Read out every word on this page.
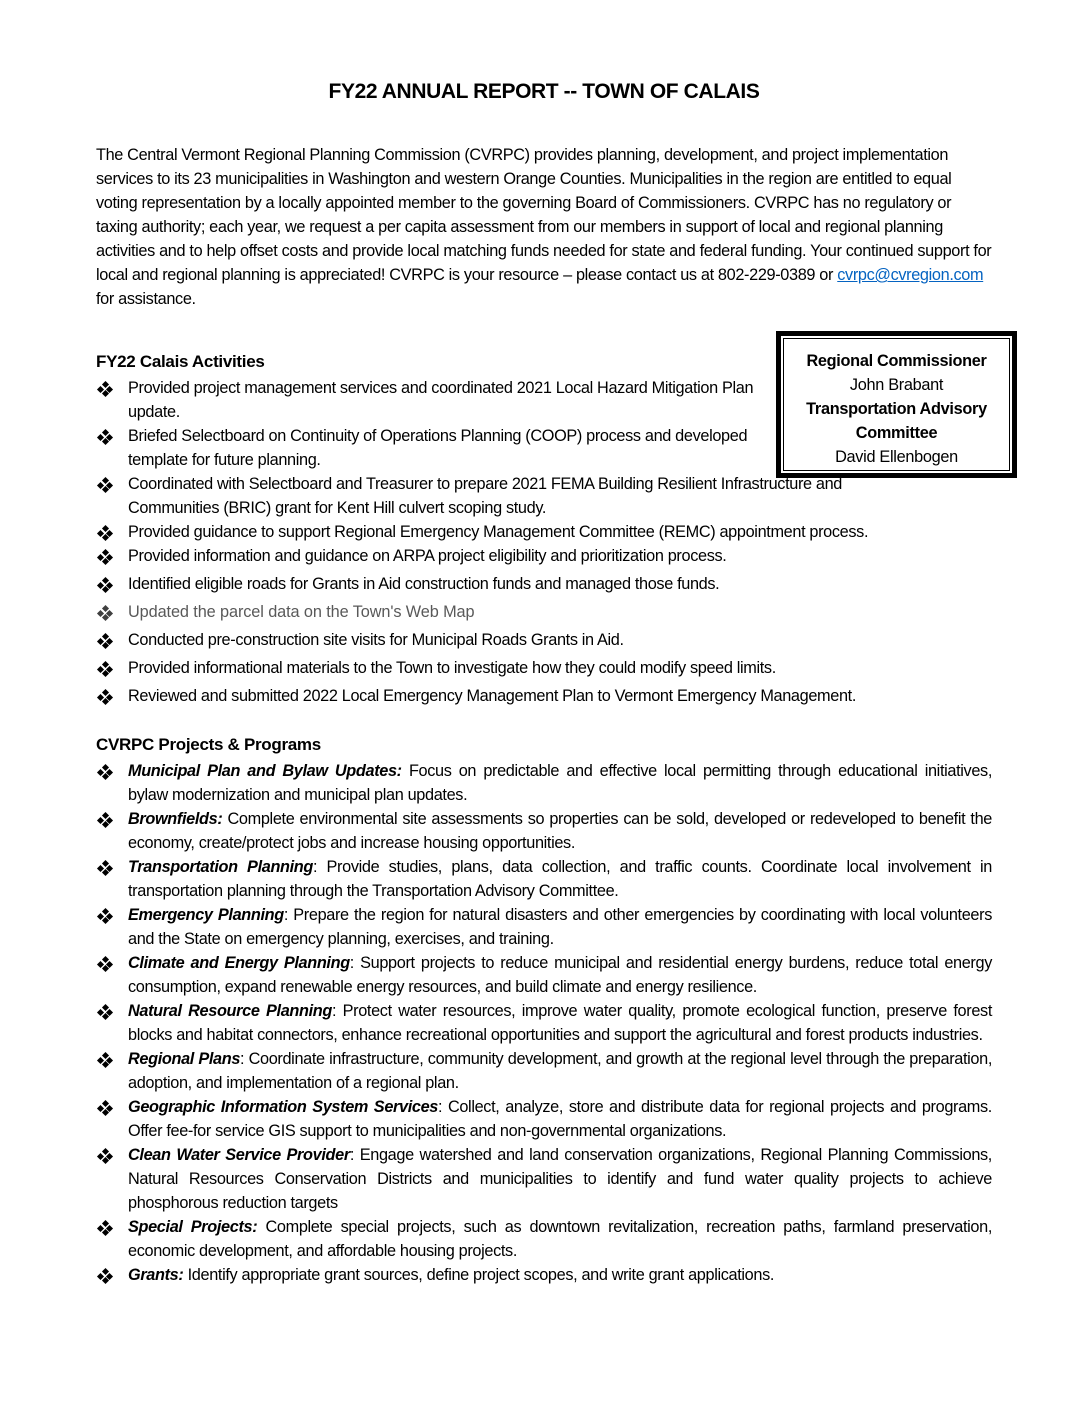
FY22 ANNUAL REPORT -- TOWN OF CALAIS
The Central Vermont Regional Planning Commission (CVRPC) provides planning, development, and project implementation services to its 23 municipalities in Washington and western Orange Counties. Municipalities in the region are entitled to equal voting representation by a locally appointed member to the governing Board of Commissioners. CVRPC has no regulatory or taxing authority; each year, we request a per capita assessment from our members in support of local and regional planning activities and to help offset costs and provide local matching funds needed for state and federal funding. Your continued support for local and regional planning is appreciated! CVRPC is your resource – please contact us at 802-229-0389 or cvrpc@cvregion.com for assistance.
FY22 Calais Activities	Regional Commissioner
John Brabant
Transportation Advisory
Committee
David Ellenbogen
Provided project management services and coordinated 2021 Local Hazard Mitigation Plan update.
Briefed Selectboard on Continuity of Operations Planning (COOP) process and developed template for future planning.
Coordinated with Selectboard and Treasurer to prepare 2021 FEMA Building Resilient Infrastructure and Communities (BRIC) grant for Kent Hill culvert scoping study.
Provided guidance to support Regional Emergency Management Committee (REMC) appointment process.
Provided information and guidance on ARPA project eligibility and prioritization process.
Identified eligible roads for Grants in Aid construction funds and managed those funds.
Updated the parcel data on the Town's Web Map
Conducted pre-construction site visits for Municipal Roads Grants in Aid.
Provided informational materials to the Town to investigate how they could modify speed limits.
Reviewed and submitted 2022 Local Emergency Management Plan to Vermont Emergency Management.
CVRPC Projects & Programs
Municipal Plan and Bylaw Updates: Focus on predictable and effective local permitting through educational initiatives, bylaw modernization and municipal plan updates.
Brownfields: Complete environmental site assessments so properties can be sold, developed or redeveloped to benefit the economy, create/protect jobs and increase housing opportunities.
Transportation Planning: Provide studies, plans, data collection, and traffic counts. Coordinate local involvement in transportation planning through the Transportation Advisory Committee.
Emergency Planning: Prepare the region for natural disasters and other emergencies by coordinating with local volunteers and the State on emergency planning, exercises, and training.
Climate and Energy Planning: Support projects to reduce municipal and residential energy burdens, reduce total energy consumption, expand renewable energy resources, and build climate and energy resilience.
Natural Resource Planning: Protect water resources, improve water quality, promote ecological function, preserve forest blocks and habitat connectors, enhance recreational opportunities and support the agricultural and forest products industries.
Regional Plans: Coordinate infrastructure, community development, and growth at the regional level through the preparation, adoption, and implementation of a regional plan.
Geographic Information System Services: Collect, analyze, store and distribute data for regional projects and programs. Offer fee-for service GIS support to municipalities and non-governmental organizations.
Clean Water Service Provider: Engage watershed and land conservation organizations, Regional Planning Commissions, Natural Resources Conservation Districts and municipalities to identify and fund water quality projects to achieve phosphorous reduction targets
Special Projects: Complete special projects, such as downtown revitalization, recreation paths, farmland preservation, economic development, and affordable housing projects.
Grants: Identify appropriate grant sources, define project scopes, and write grant applications.
